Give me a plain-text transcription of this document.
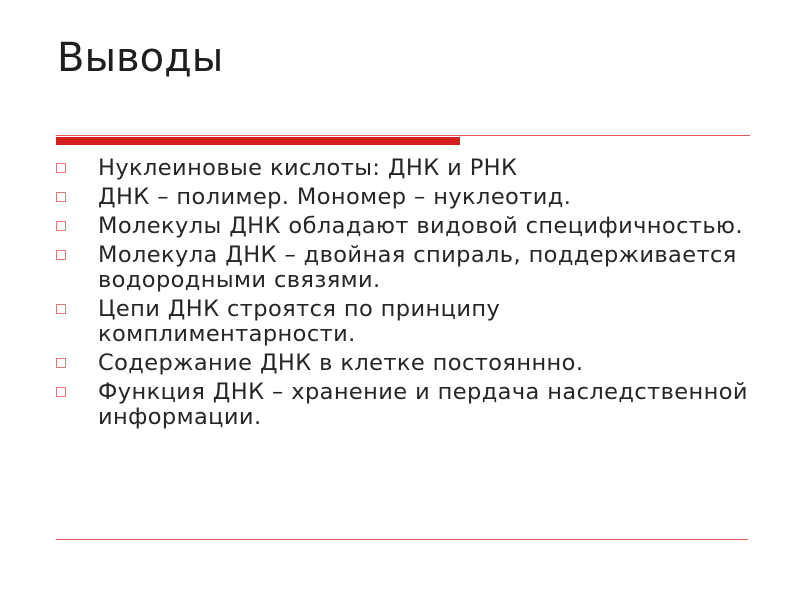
Выводы
Нуклеиновые кислоты: ДНК и РНК
ДНК – полимер. Мономер – нуклеотид.
Молекулы ДНК обладают видовой специфичностью.
Молекула ДНК – двойная спираль, поддерживается водородными связями.
Цепи ДНК строятся по принципу комплиментарности.
Содержание ДНК в клетке постояннно.
Функция ДНК – хранение и пердача наследственной информации.
